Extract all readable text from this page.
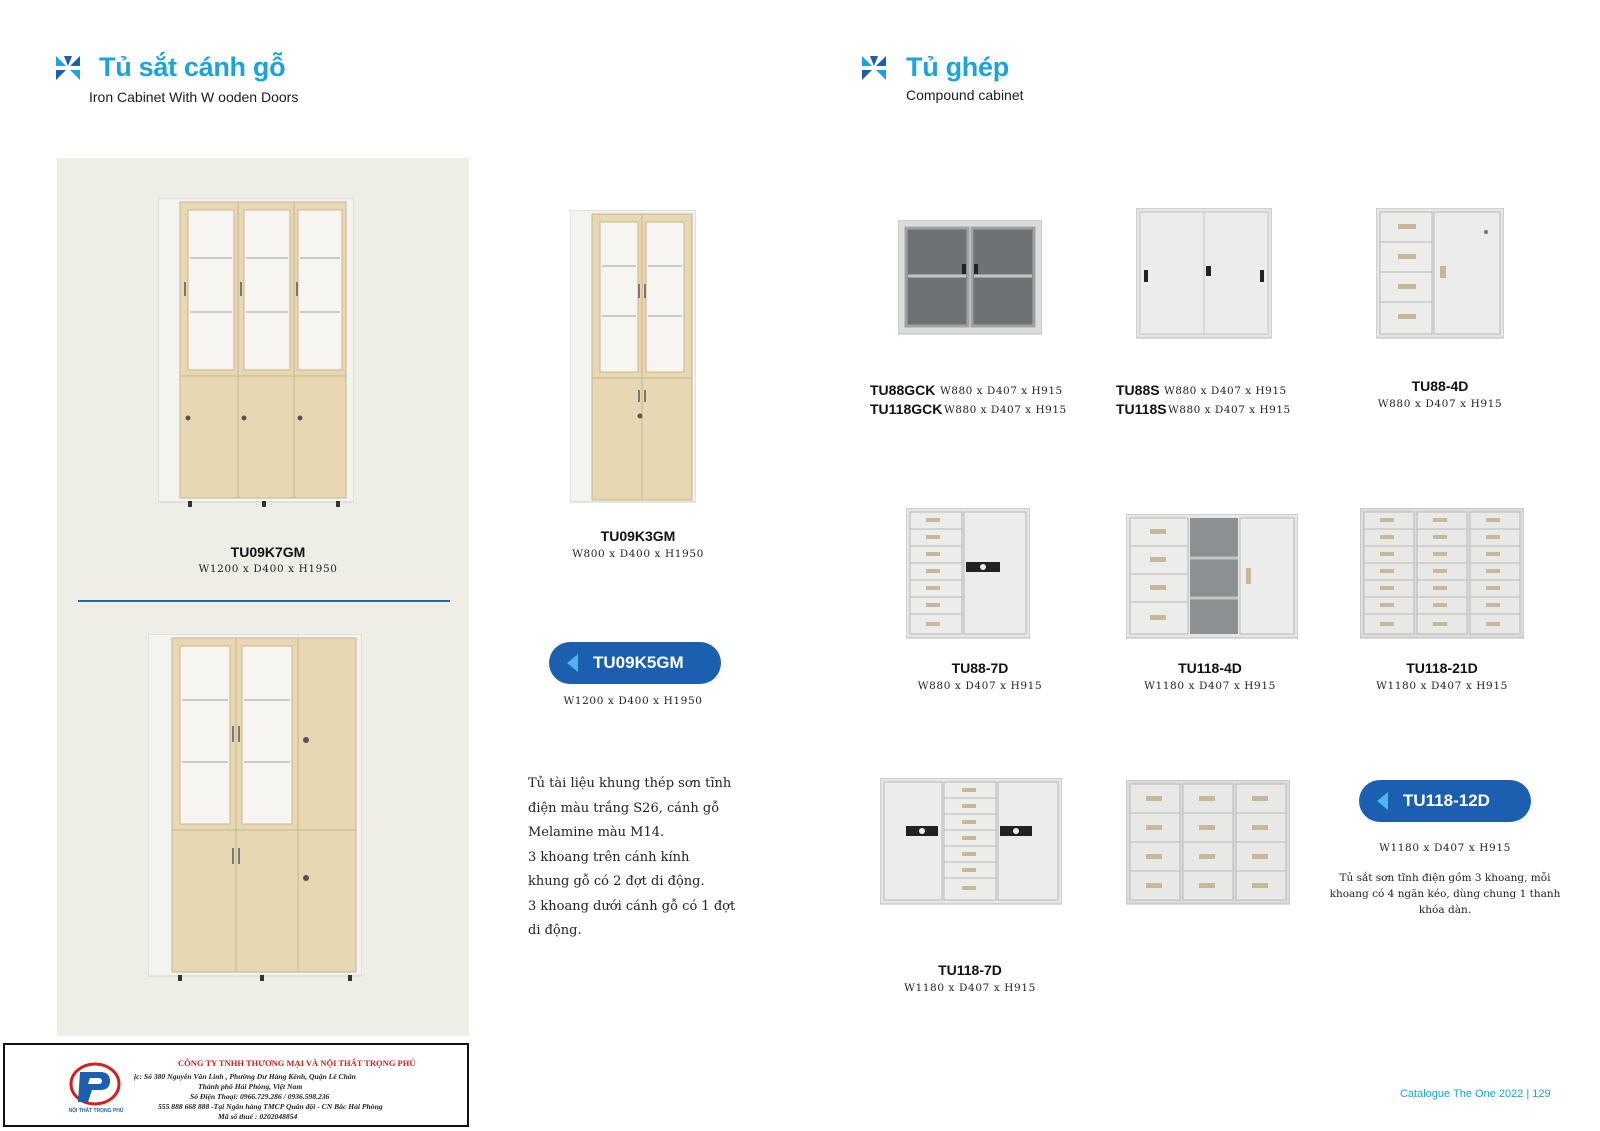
Tủ sắt cánh gỗ
Iron Cabinet With W ooden Doors
Tủ ghép
Compound cabinet
TU09K7GM
W1200 x D400 x H1950
TU09K3GM
W800 x D400 x H1950
TU09K5GM
W1200 x D400 x H1950
Tủ tài liệu khung thép sơn tĩnh
điện màu trắng S26, cánh gỗ
Melamine màu M14.
3 khoang trên cánh kính
khung gỗ có 2 đợt di động.
3 khoang dưới cánh gỗ có 1 đợt
di động.
TU88GCK W880 x D407 x H915
TU118GCK W880 x D407 x H915
TU88S W880 x D407 x H915
TU118S W880 x D407 x H915
TU88-4D
W880 x D407 x H915
TU88-7D
W880 x D407 x H915
TU118-4D
W1180 x D407 x H915
TU118-21D
W1180 x D407 x H915
TU118-7D
W1180 x D407 x H915
TU118-12D
W1180 x D407 x H915
Tủ sắt sơn tĩnh điện gồm 3 khoang, mỗi
khoang có 4 ngăn kéo, dùng chung 1 thanh
khóa dàn.
NỘI THẤT TRỌNG PHÚ
CÔNG TY TNHH THƯƠNG MẠI VÀ NỘI THẤT TRỌNG PHÚ
ịc: Số 380 Nguyễn Văn Linh , Phường Dư Hàng Kênh, Quận Lê Chân
Thành phố Hải Phòng, Việt Nam
Số Điện Thoại: 0966.729.286 / 0936.598.236
555 888 668 888 -Tại Ngân hàng TMCP Quân đội - CN Bắc Hải Phòng
Mã số thuế : 0202048854
Catalogue The One 2022 | 129
